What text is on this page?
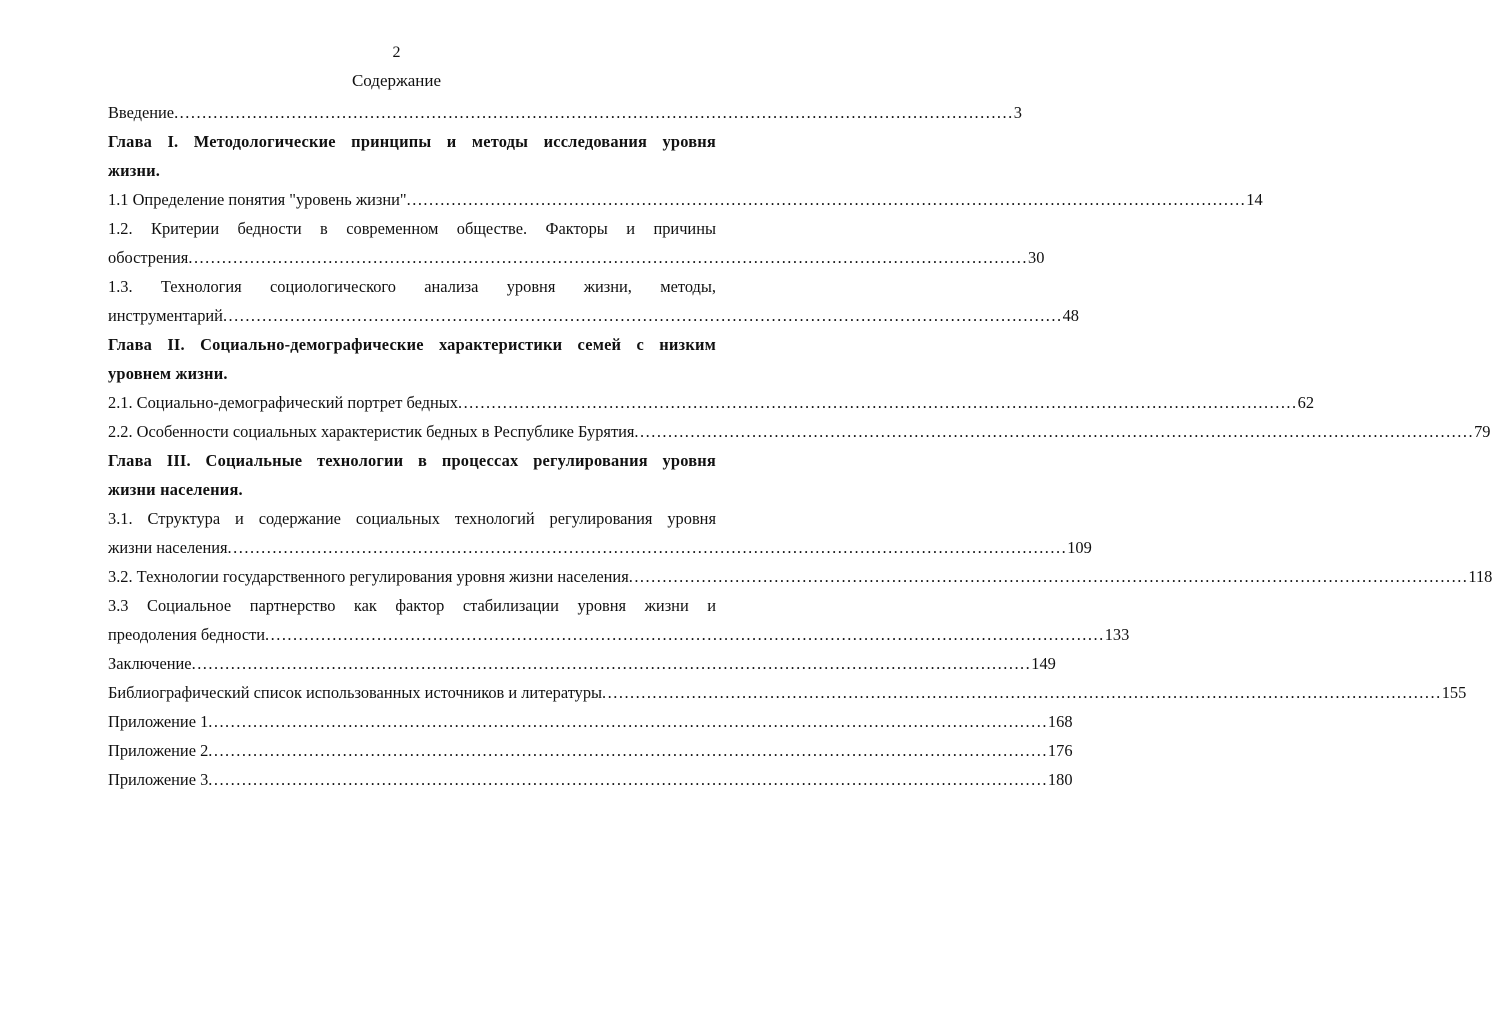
2
Содержание
Введение ...................................................................................................................................................... 3
Глава I. Методологические принципы и методы исследования уровня
жизни.
1.1 Определение понятия "уровень жизни" ...................................................................................................................................................... 14
1.2. Критерии бедности в современном обществе. Факторы и причины
обострения ...................................................................................................................................................... 30
1.3. Технология социологического анализа уровня жизни, методы,
инструментарий ...................................................................................................................................................... 48
Глава II. Социально-демографические характеристики семей с низким
уровнем жизни.
2.1. Социально-демографический портрет бедных ...................................................................................................................................................... 62
2.2. Особенности социальных характеристик бедных в Республике Бурятия ...................................................................................................................................................... 79
Глава III. Социальные технологии в процессах регулирования уровня
жизни населения.
3.1. Структура и содержание социальных технологий регулирования уровня
жизни населения ...................................................................................................................................................... 109
3.2. Технологии государственного регулирования уровня жизни населения ...................................................................................................................................................... 118
3.3 Социальное партнерство как фактор стабилизации уровня жизни и
преодоления бедности ...................................................................................................................................................... 133
Заключение ...................................................................................................................................................... 149
Библиографический список использованных источников и литературы ...................................................................................................................................................... 155
Приложение 1 ...................................................................................................................................................... 168
Приложение 2 ...................................................................................................................................................... 176
Приложение 3 ...................................................................................................................................................... 180
